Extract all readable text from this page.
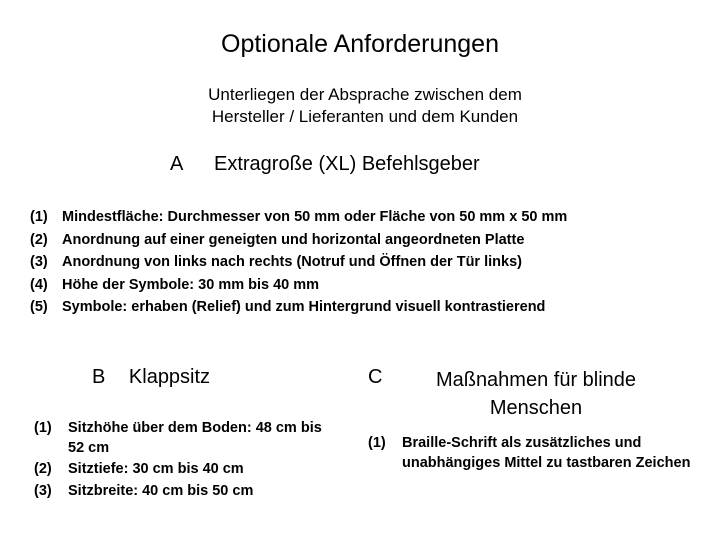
Optionale Anforderungen
Unterliegen der Absprache zwischen dem
Hersteller / Lieferanten und dem Kunden
A Extragroße (XL) Befehlsgeber
(1) Mindestfläche: Durchmesser von 50 mm oder Fläche von 50 mm x 50 mm
(2) Anordnung auf einer geneigten und horizontal angeordneten Platte
(3) Anordnung von links nach rechts (Notruf und Öffnen der Tür links)
(4) Höhe der Symbole: 30 mm bis 40 mm
(5) Symbole: erhaben (Relief) und zum Hintergrund visuell kontrastierend
B Klappsitz
(1) Sitzhöhe über dem Boden: 48 cm bis 52 cm
(2) Sitztiefe: 30 cm bis 40 cm
(3) Sitzbreite: 40 cm bis 50 cm
C	Maßnahmen für blinde Menschen
(1) Braille-Schrift als zusätzliches und unabhängiges Mittel zu tastbaren Zeichen
